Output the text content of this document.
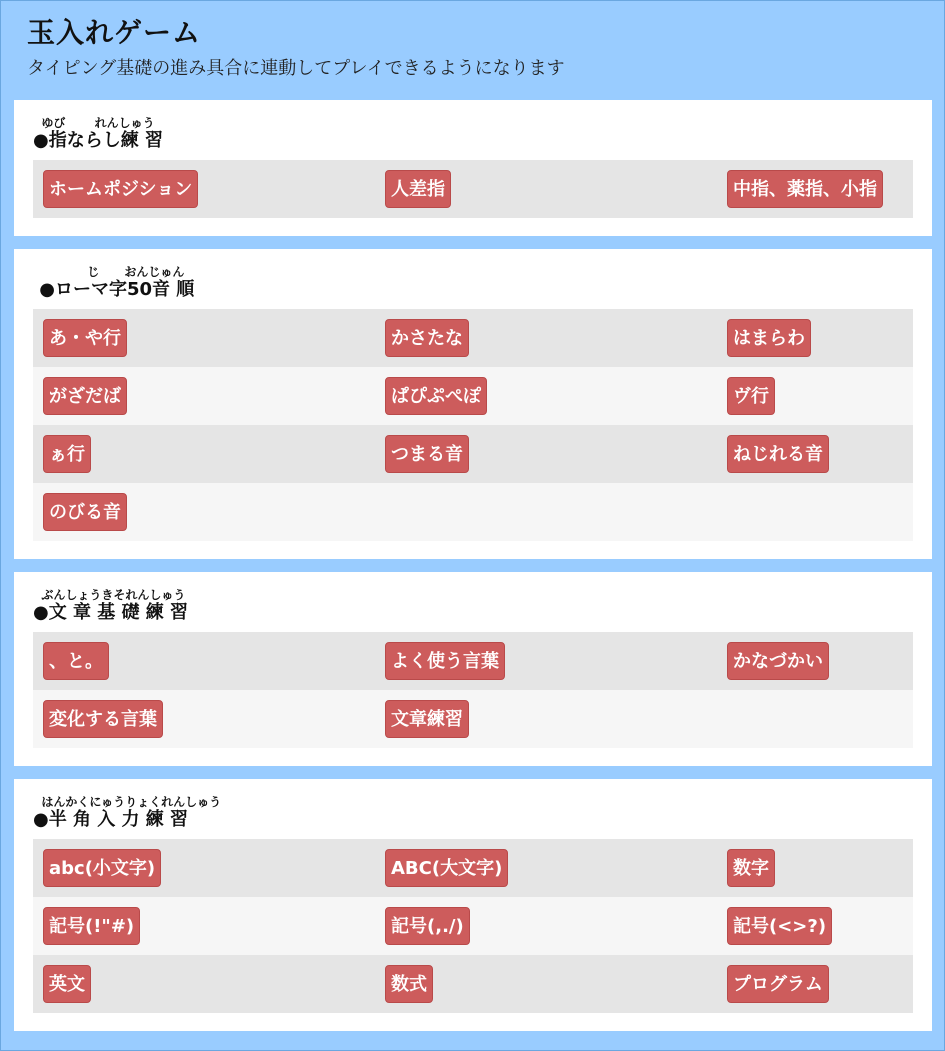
玉入れゲーム
タイピング基礎の進み具合に連動してプレイできるようになります
ゆび       れんしゅう
●指ならし練 習
ホームポジション	人差指	中指、薬指、小指
じ      おんじゅん
●ローマ字50音 順
あ・や行	かさたな	はまらわ
がざだば	ぱぴぷぺぽ	ヴ行
ぁ行	つまる音	ねじれる音
のびる音
ぶんしょうきそれんしゅう
●文 章 基 礎 練 習
、と。	よく使う言葉	かなづかい
変化する言葉	文章練習
はんかくにゅうりょくれんしゅう
●半 角 入 力 練 習
abc(小文字)	ABC(大文字)	数字
記号(!"#)	記号(,./)	記号(<>?)
英文	数式	プログラム
